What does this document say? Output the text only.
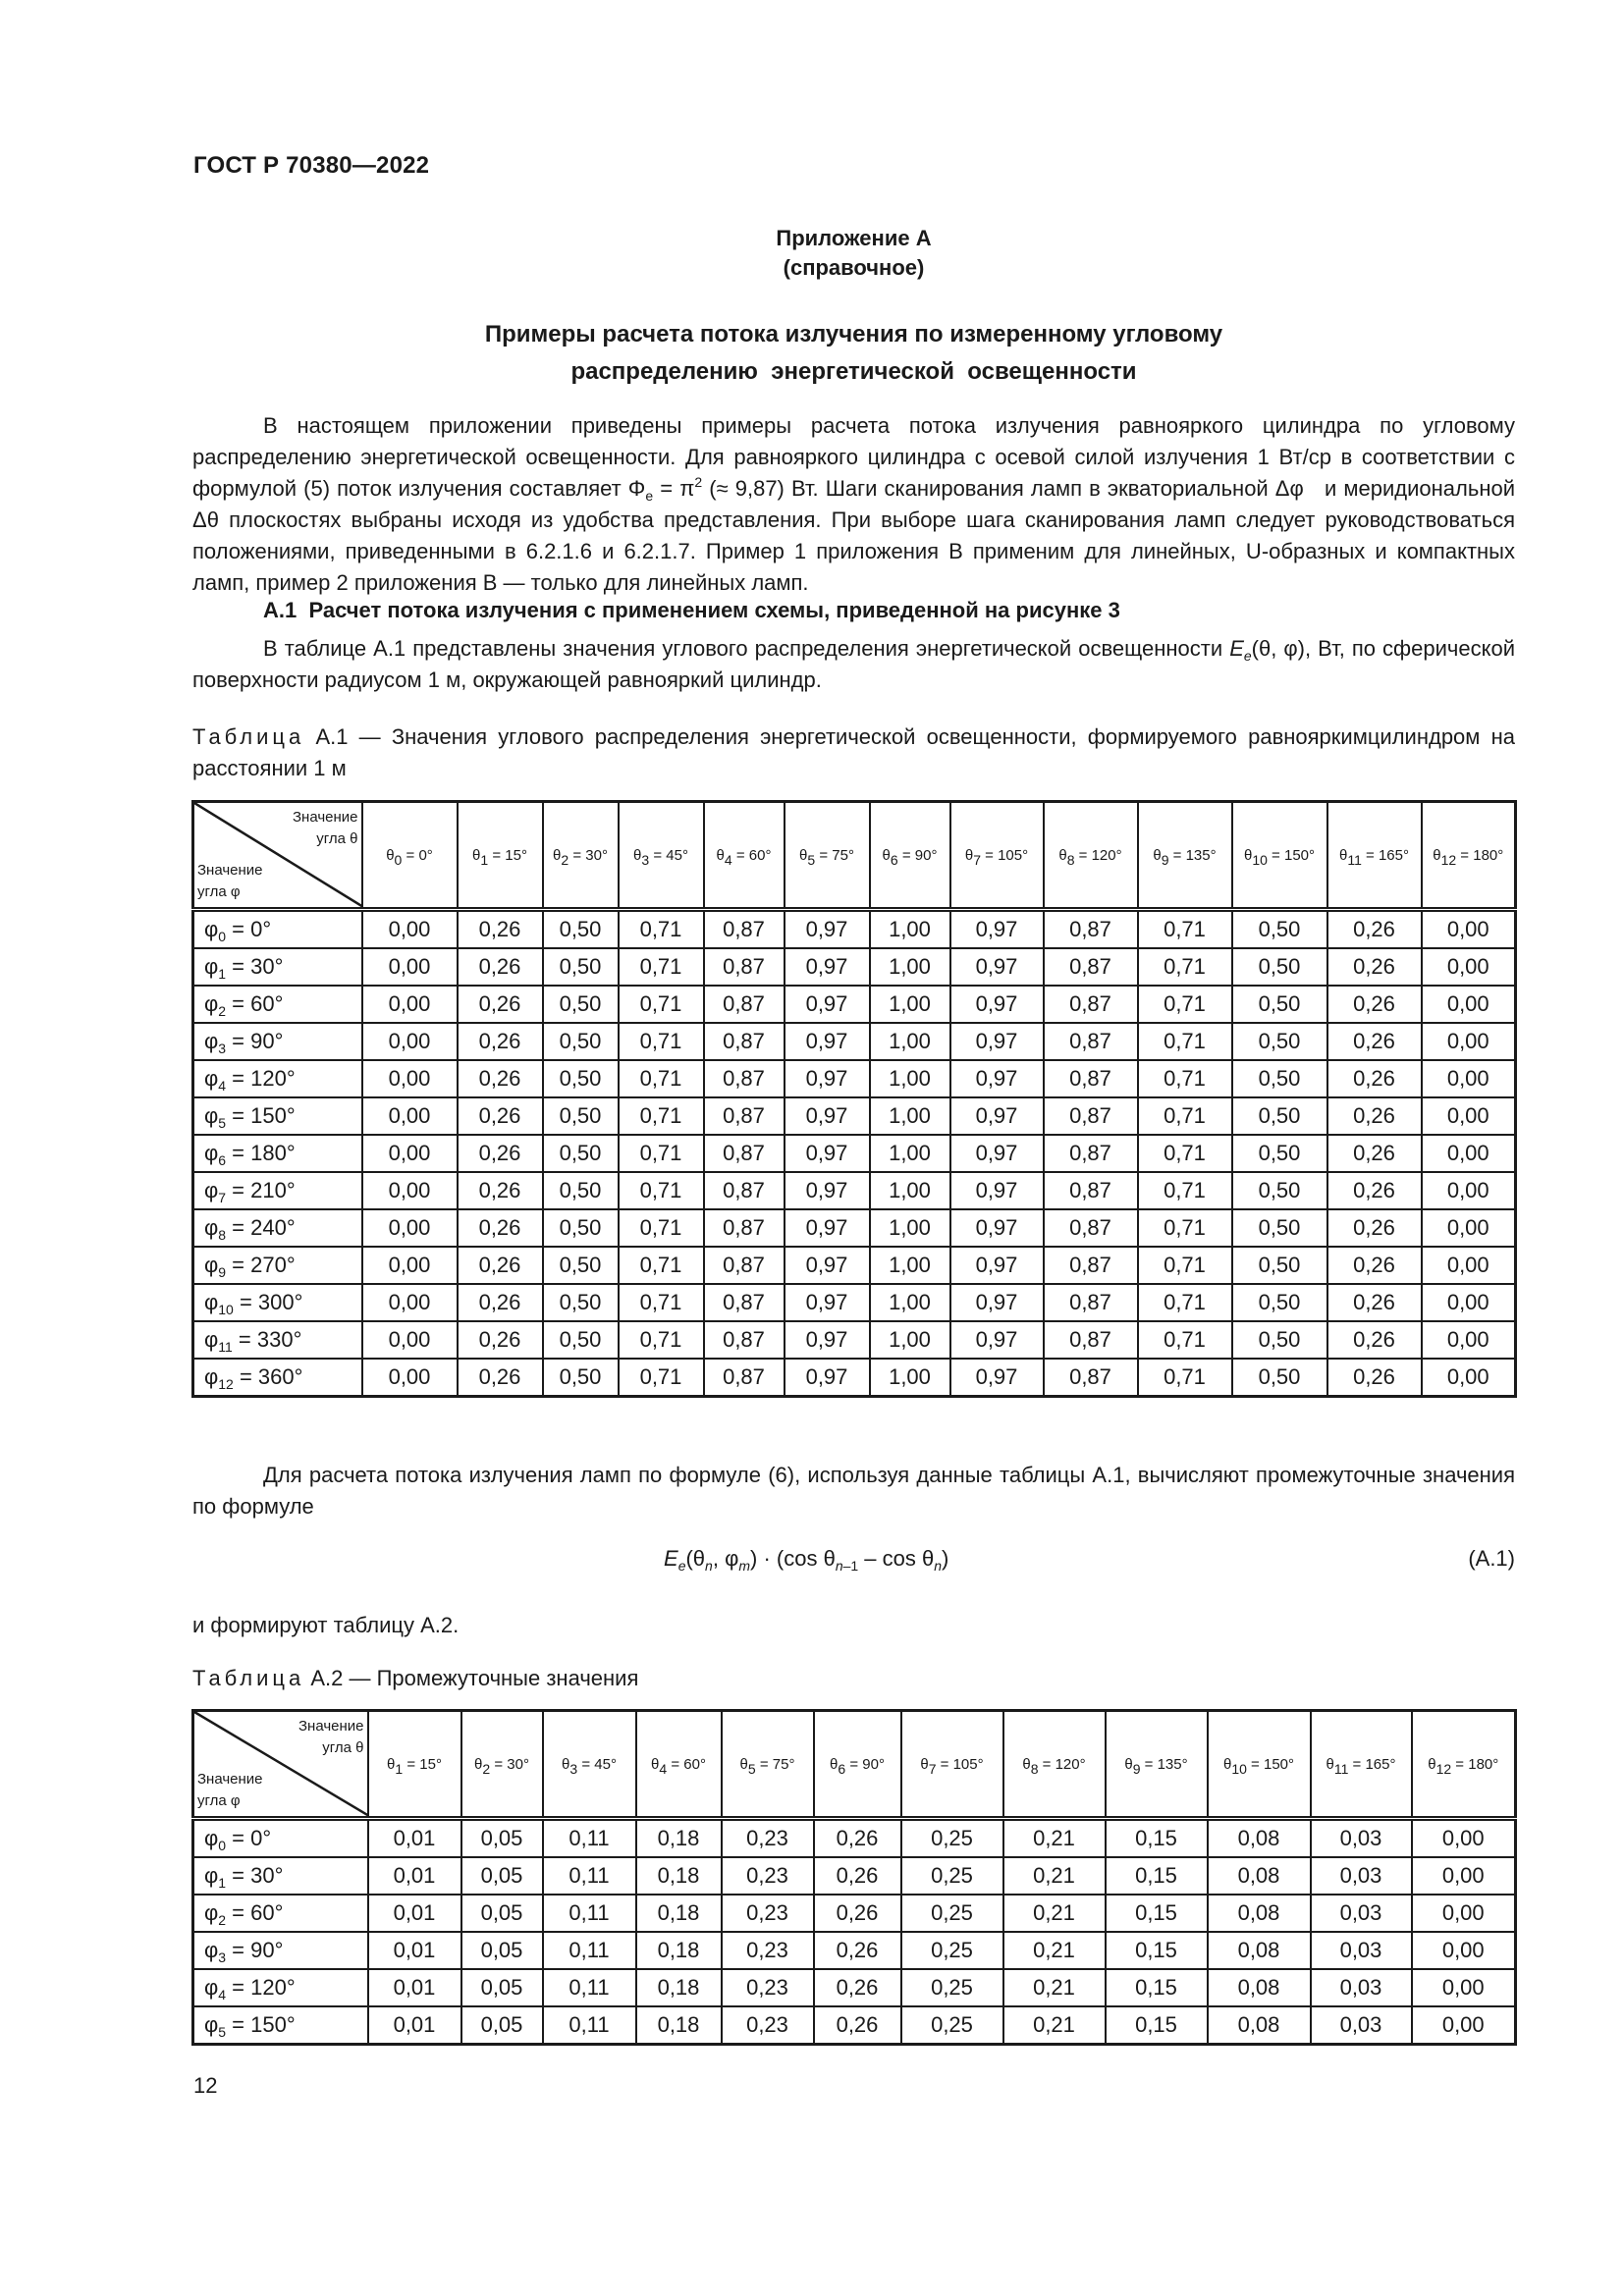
ГОСТ Р 70380—2022
Приложение А
(справочное)
Примеры расчета потока излучения по измеренному угловому
распределению  энергетической  освещенности
В настоящем приложении приведены примеры расчета потока излучения равнояркого цилиндра по угловому распределению энергетической освещенности. Для равнояркого цилиндра с осевой силой излучения 1 Вт/ср в соответствии с формулой (5) поток излучения составляет $\Phi_е = \pi^2$ (≈ 9,87) Вт. Шаги сканирования ламп в экваториальной Δφ   и меридиональной Δθ плоскостях выбраны исходя из удобства представления. При выборе шага сканирования ламп следует руководствоваться положениями, приведенными в 6.2.1.6 и 6.2.1.7. Пример 1 приложения В применим для линейных, U-образных и компактных ламп, пример 2 приложения В — только для линейных ламп.
А.1  Расчет потока излучения с применением схемы, приведенной на рисунке 3
В таблице А.1 представлены значения углового распределения энергетической освещенности $E_e(\theta$, φ), Вт, по сферической поверхности радиусом 1 м, окружающей равнояркий цилиндр.
Таблица А.1 — Значения углового распределения энергетической освещенности, формируемого равнояркимцилиндром на расстоянии 1 м
Значение
угла θ
Значение
угла φ	$\theta_0 = 0^\circ$	$\theta_1 = 15^\circ$	$\theta_2 = 30^\circ$	$\theta_3 = 45^\circ$	$\theta_4 = 60^\circ$	$\theta_5 = 75^\circ$	$\theta_6 = 90^\circ$	$\theta_7 = 105^\circ$	$\theta_8 = 120^\circ$	$\theta_9 = 135^\circ$	$\theta_{10} = 150^\circ$	$\theta_{11} = 165^\circ$	$\theta_{12} = 180^\circ$
$\varphi_0 = 0^\circ$	0,00	0,26	0,50	0,71	0,87	0,97	1,00	0,97	0,87	0,71	0,50	0,26	0,00
$\varphi_1 = 30^\circ$	0,00	0,26	0,50	0,71	0,87	0,97	1,00	0,97	0,87	0,71	0,50	0,26	0,00
$\varphi_2 = 60^\circ$	0,00	0,26	0,50	0,71	0,87	0,97	1,00	0,97	0,87	0,71	0,50	0,26	0,00
$\varphi_3 = 90^\circ$	0,00	0,26	0,50	0,71	0,87	0,97	1,00	0,97	0,87	0,71	0,50	0,26	0,00
$\varphi_4 = 120^\circ$	0,00	0,26	0,50	0,71	0,87	0,97	1,00	0,97	0,87	0,71	0,50	0,26	0,00
$\varphi_5 = 150^\circ$	0,00	0,26	0,50	0,71	0,87	0,97	1,00	0,97	0,87	0,71	0,50	0,26	0,00
$\varphi_6 = 180^\circ$	0,00	0,26	0,50	0,71	0,87	0,97	1,00	0,97	0,87	0,71	0,50	0,26	0,00
$\varphi_7 = 210^\circ$	0,00	0,26	0,50	0,71	0,87	0,97	1,00	0,97	0,87	0,71	0,50	0,26	0,00
$\varphi_8 = 240^\circ$	0,00	0,26	0,50	0,71	0,87	0,97	1,00	0,97	0,87	0,71	0,50	0,26	0,00
$\varphi_9 = 270^\circ$	0,00	0,26	0,50	0,71	0,87	0,97	1,00	0,97	0,87	0,71	0,50	0,26	0,00
$\varphi_{10} = 300^\circ$	0,00	0,26	0,50	0,71	0,87	0,97	1,00	0,97	0,87	0,71	0,50	0,26	0,00
$\varphi_{11} = 330^\circ$	0,00	0,26	0,50	0,71	0,87	0,97	1,00	0,97	0,87	0,71	0,50	0,26	0,00
$\varphi_{12} = 360^\circ$	0,00	0,26	0,50	0,71	0,87	0,97	1,00	0,97	0,87	0,71	0,50	0,26	0,00
Для расчета потока излучения ламп по формуле (6), используя данные таблицы А.1, вычисляют промежуточные значения по формуле
$E_e(\theta_n$, $\varphi_m) \cdot (\cos$ $\theta_{n-1}$ – $\cos \theta_n$)	(А.1)
и формируют таблицу А.2.
Таблица А.2 — Промежуточные значения
Значение
угла θ
Значение
угла φ	$\theta_1 = 15^\circ$	$\theta_2 = 30^\circ$	$\theta_3 = 45^\circ$	$\theta_4 = 60^\circ$	$\theta_5 = 75^\circ$	$\theta_6 = 90^\circ$	$\theta_7 = 105^\circ$	$\theta_8 = 120^\circ$	$\theta_9 = 135^\circ$	$\theta_{10} = 150^\circ$	$\theta_{11} = 165^\circ$	$\theta_{12} = 180^\circ$
$\varphi_0 = 0^\circ$	0,01	0,05	0,11	0,18	0,23	0,26	0,25	0,21	0,15	0,08	0,03	0,00
$\varphi_1 = 30^\circ$	0,01	0,05	0,11	0,18	0,23	0,26	0,25	0,21	0,15	0,08	0,03	0,00
$\varphi_2 = 60^\circ$	0,01	0,05	0,11	0,18	0,23	0,26	0,25	0,21	0,15	0,08	0,03	0,00
$\varphi_3 = 90^\circ$	0,01	0,05	0,11	0,18	0,23	0,26	0,25	0,21	0,15	0,08	0,03	0,00
$\varphi_4 = 120^\circ$	0,01	0,05	0,11	0,18	0,23	0,26	0,25	0,21	0,15	0,08	0,03	0,00
$\varphi_5 = 150^\circ$	0,01	0,05	0,11	0,18	0,23	0,26	0,25	0,21	0,15	0,08	0,03	0,00
12
